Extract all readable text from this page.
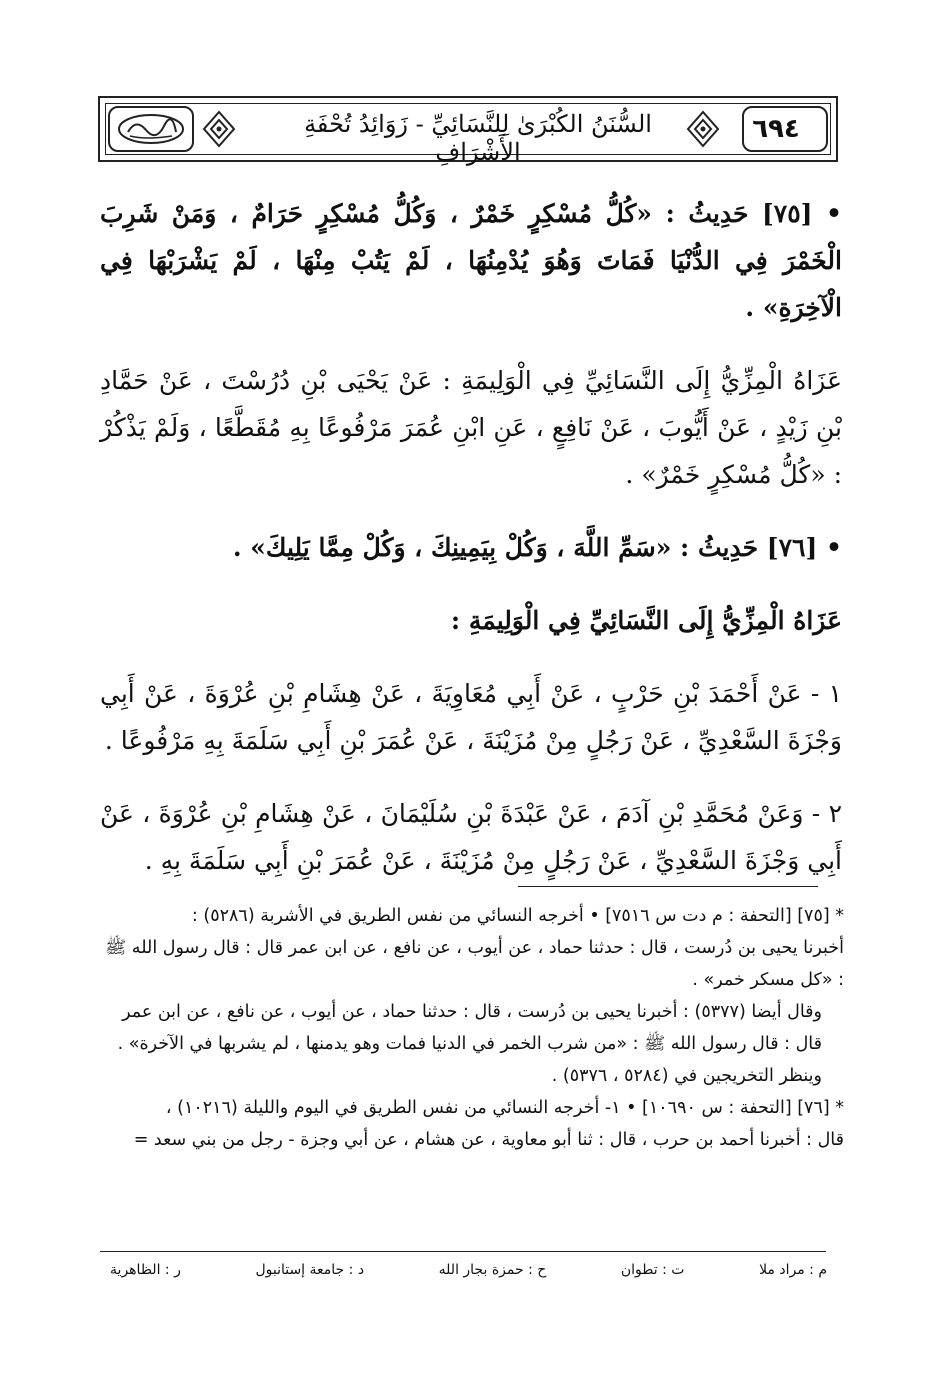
السُّنَنُ الكُبْرَىٰ لِلنَّسَائِيِّ - زَوَائِدُ تُحْفَةِ الأَشْرَافِ
٦٩٤

• [٧٥] حَدِيثُ : «كُلُّ مُسْكِرٍ خَمْرٌ ، وَكُلُّ مُسْكِرٍ حَرَامٌ ، وَمَنْ شَرِبَ الْخَمْرَ فِي الدُّنْيَا فَمَاتَ وَهُوَ يُدْمِنُهَا ، لَمْ يَتُبْ مِنْهَا ، لَمْ يَشْرَبْهَا فِي الْآخِرَةِ» .

عَزَاهُ الْمِزِّيُّ إِلَى النَّسَائِيِّ فِي الْوَلِيمَةِ : عَنْ يَحْيَى بْنِ دُرُسْتَ ، عَنْ حَمَّادِ بْنِ زَيْدٍ ، عَنْ أَيُّوبَ ، عَنْ نَافِعٍ ، عَنِ ابْنِ عُمَرَ مَرْفُوعًا بِهِ مُقَطَّعًا ، وَلَمْ يَذْكُرْ : «كُلُّ مُسْكِرٍ خَمْرٌ» .

• [٧٦] حَدِيثُ : «سَمِّ اللَّهَ ، وَكُلْ بِيَمِينِكَ ، وَكُلْ مِمَّا يَلِيكَ» .

عَزَاهُ الْمِزِّيُّ إِلَى النَّسَائِيِّ فِي الْوَلِيمَةِ :

١ - عَنْ أَحْمَدَ بْنِ حَرْبٍ ، عَنْ أَبِي مُعَاوِيَةَ ، عَنْ هِشَامِ بْنِ عُرْوَةَ ، عَنْ أَبِي وَجْزَةَ السَّعْدِيِّ ، عَنْ رَجُلٍ مِنْ مُزَيْنَةَ ، عَنْ عُمَرَ بْنِ أَبِي سَلَمَةَ بِهِ مَرْفُوعًا .

٢ - وَعَنْ مُحَمَّدِ بْنِ آدَمَ ، عَنْ عَبْدَةَ بْنِ سُلَيْمَانَ ، عَنْ هِشَامِ بْنِ عُرْوَةَ ، عَنْ أَبِي وَجْزَةَ السَّعْدِيِّ ، عَنْ رَجُلٍ مِنْ مُزَيْنَةَ ، عَنْ عُمَرَ بْنِ أَبِي سَلَمَةَ بِهِ .

* [٧٥] [التحفة : م دت س ٧٥١٦] • أخرجه النسائي من نفس الطريق في الأشربة (٥٢٨٦) :

أخبرنا يحيى بن دُرست ، قال : حدثنا حماد ، عن أيوب ، عن نافع ، عن ابن عمر قال : قال رسول الله ﷺ : «كل مسكر خمر» .

وقال أيضا (٥٣٧٧) : أخبرنا يحيى بن دُرست ، قال : حدثنا حماد ، عن أيوب ، عن نافع ، عن ابن عمر قال : قال رسول الله ﷺ : «من شرب الخمر في الدنيا فمات وهو يدمنها ، لم يشربها في الآخرة» .

وينظر التخريجين في (٥٢٨٤ ، ٥٣٧٦) .

* [٧٦] [التحفة : س ١٠٦٩٠] • ١- أخرجه النسائي من نفس الطريق في اليوم والليلة (١٠٢١٦) ،

قال : أخبرنا أحمد بن حرب ، قال : ثنا أبو معاوية ، عن هشام ، عن أبي وجزة - رجل من بني سعد =

م : مراد ملا
ت : تطوان
ح : حمزة بجار الله
د : جامعة إستانبول
ر : الظاهرية
